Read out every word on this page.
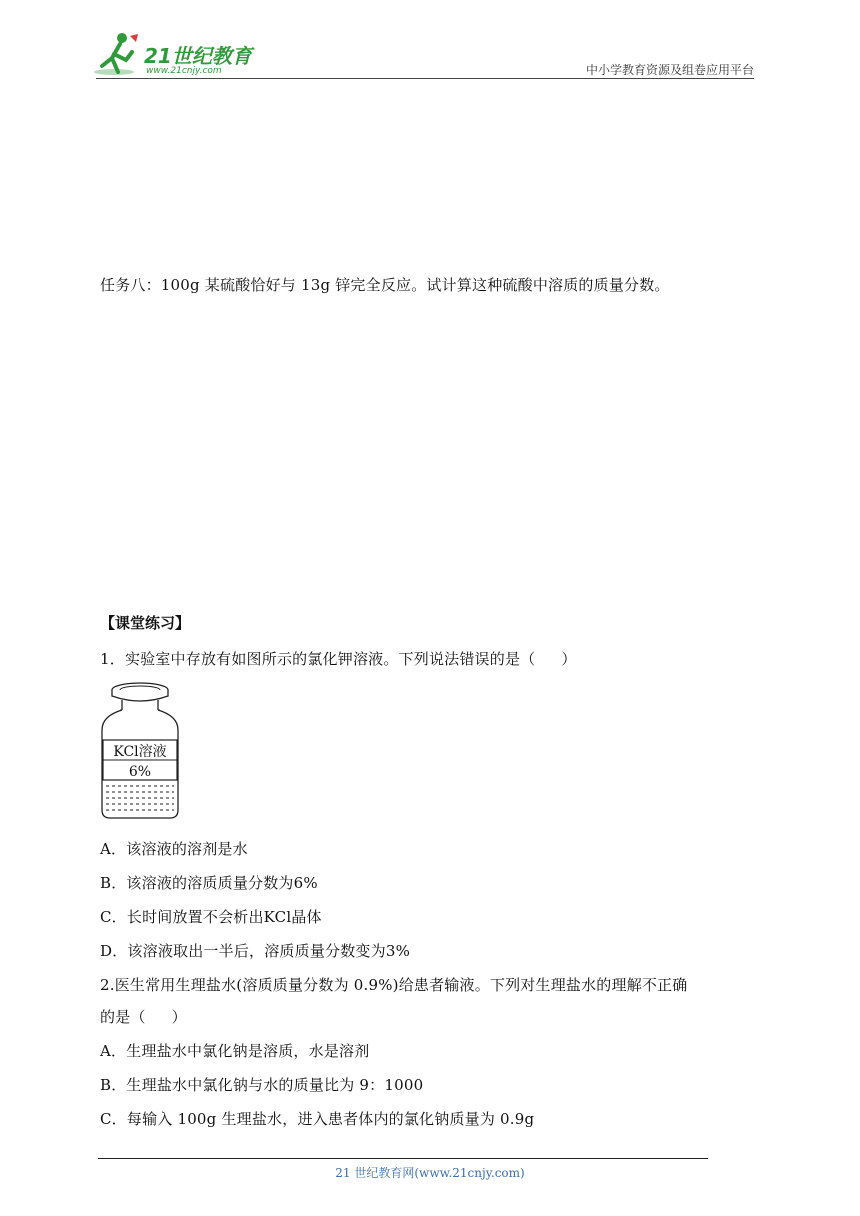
21世纪教育
www.21cnjy.com	中小学教育资源及组卷应用平台
任务八：100g 某硫酸恰好与 13g 锌完全反应。试计算这种硫酸中溶质的质量分数。
【课堂练习】
1．实验室中存放有如图所示的氯化钾溶液。下列说法错误的是（ ）
KCl溶液
6%
A．该溶液的溶剂是水
B．该溶液的溶质质量分数为6%
C．长时间放置不会析出KCl晶体
D．该溶液取出一半后，溶质质量分数变为3%
2.医生常用生理盐水(溶质质量分数为 0.9%)给患者输液。下列对生理盐水的理解不正确
的是（ ）
A．生理盐水中氯化钠是溶质，水是溶剂
B．生理盐水中氯化钠与水的质量比为 9：1000
C．每输入 100g 生理盐水，进入患者体内的氯化钠质量为 0.9g
21 世纪教育网(www.21cnjy.com)
